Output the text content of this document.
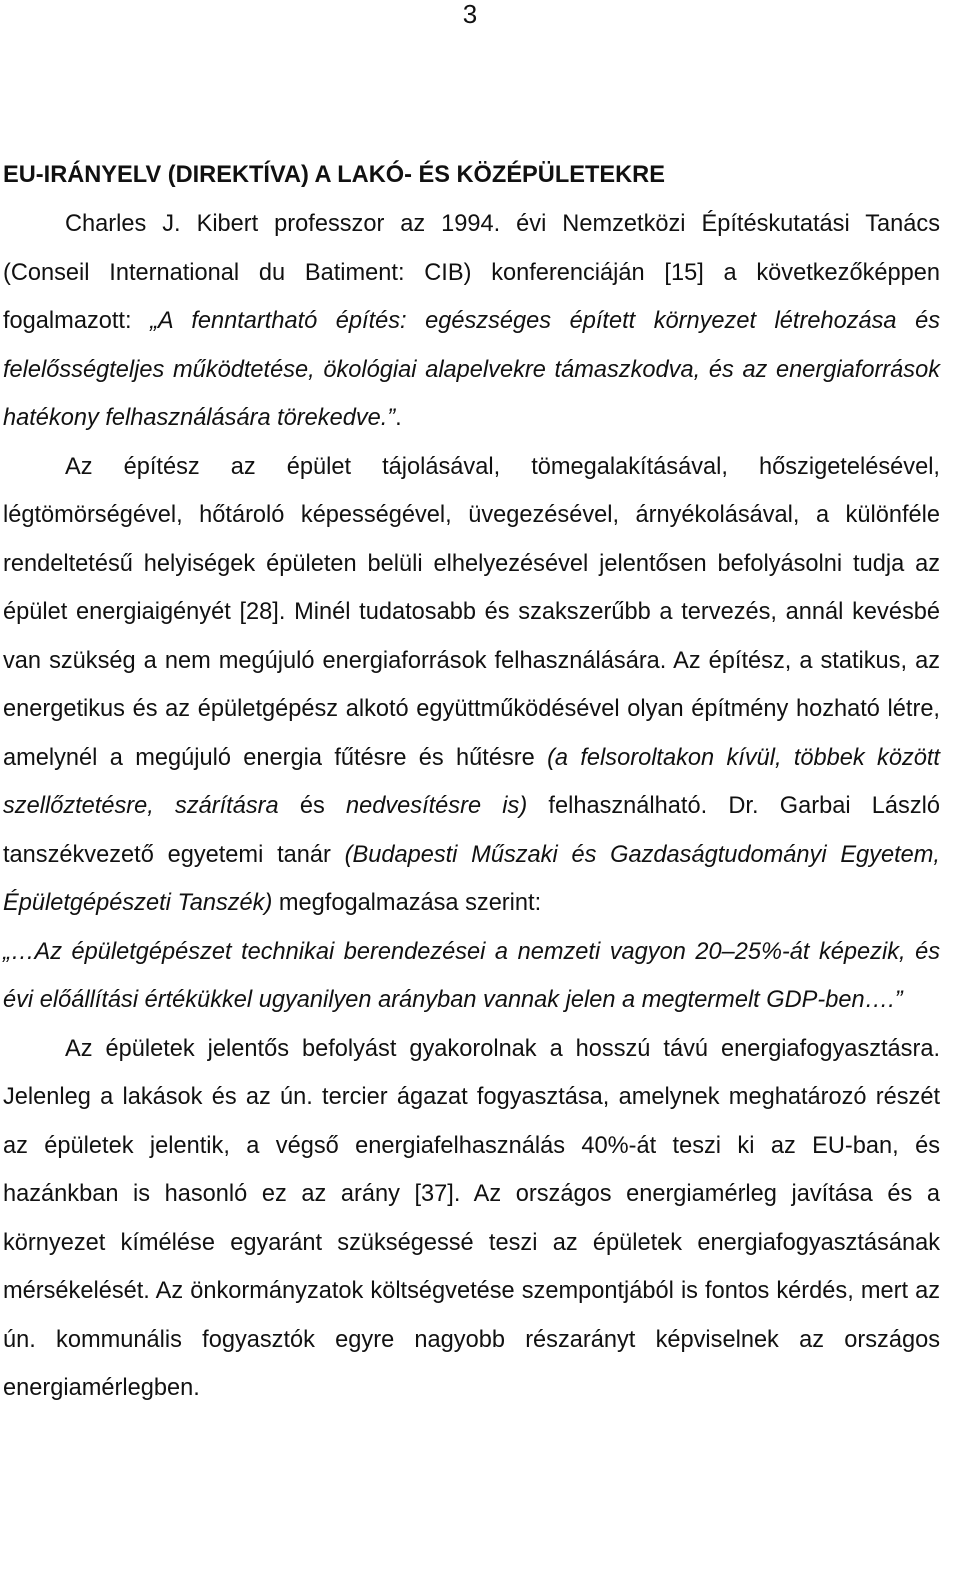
3
EU-IRÁNYELV (DIREKTÍVA) A LAKÓ- ÉS KÖZÉPÜLETEKRE

Charles J. Kibert professzor az 1994. évi Nemzetközi Építéskutatási Tanács (Conseil International du Batiment: CIB) konferenciáján [15] a következőképpen fogalmazott: „A fenntartható építés: egészséges épített környezet létrehozása és felelősségteljes működtetése, ökológiai alapelvekre támaszkodva, és az energiaforrások hatékony felhasználására törekedve.”.

Az építész az épület tájolásával, tömegalakításával, hőszigetelésével, légtömörségével, hőtároló képességével, üvegezésével, árnyékolásával, a különféle rendeltetésű helyiségek épületen belüli elhelyezésével jelentősen befolyásolni tudja az épület energiaigényét [28]. Minél tudatosabb és szakszerűbb a tervezés, annál kevésbé van szükség a nem megújuló energiaforrások felhasználására. Az építész, a statikus, az energetikus és az épületgépész alkotó együttműködésével olyan építmény hozható létre, amelynél a megújuló energia fűtésre és hűtésre (a felsoroltakon kívül, többek között szellőztetésre, szárításra és nedvesítésre is) felhasználható. Dr. Garbai László tanszékvezető egyetemi tanár (Budapesti Műszaki és Gazdaságtudományi Egyetem, Épületgépészeti Tanszék) megfogalmazása szerint:

„…Az épületgépészet technikai berendezései a nemzeti vagyon 20–25%-át képezik, és évi előállítási értékükkel ugyanilyen arányban vannak jelen a megtermelt GDP-ben….”

Az épületek jelentős befolyást gyakorolnak a hosszú távú energiafogyasztásra. Jelenleg a lakások és az ún. tercier ágazat fogyasztása, amelynek meghatározó részét az épületek jelentik, a végső energiafelhasználás 40%-át teszi ki az EU-ban, és hazánkban is hasonló ez az arány [37]. Az országos energiamérleg javítása és a környezet kímélése egyaránt szükségessé teszi az épületek energiafogyasztásának mérsékelését. Az önkormányzatok költségvetése szempontjából is fontos kérdés, mert az ún. kommunális fogyasztók egyre nagyobb részarányt képviselnek az országos energiamérlegben.
